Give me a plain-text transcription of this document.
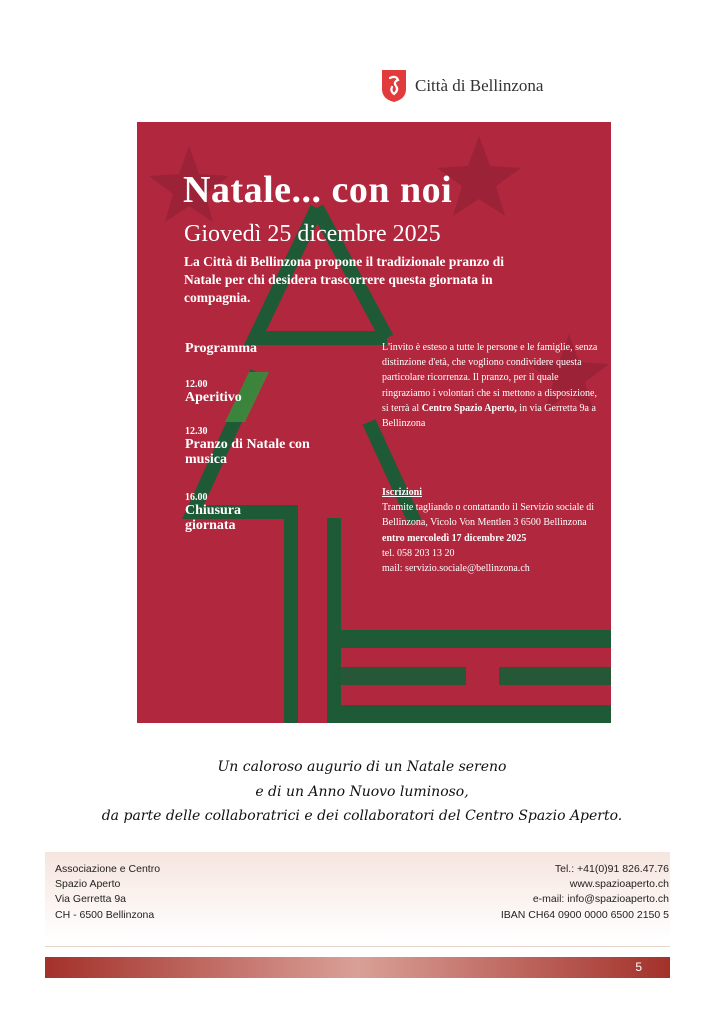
Città di Bellinzona
Natale... con noi
Giovedì 25 dicembre 2025
La Città di Bellinzona propone il tradizionale pranzo di Natale per chi desidera trascorrere questa giornata in compagnia.
Programma
12.00
Aperitivo
12.30
Pranzo di Natale con musica
16.00
Chiusura giornata
L'invito è esteso a tutte le persone e le famiglie, senza distinzione d'età, che vogliono condividere questa particolare ricorrenza. Il pranzo, per il quale ringraziamo i volontari che si mettono a disposizione, si terrà al Centro Spazio Aperto, in via Gerretta 9a a Bellinzona
Iscrizioni
Tramite tagliando o contattando il Servizio sociale di Bellinzona, Vicolo Von Mentlen 3 6500 Bellinzona entro mercoledì 17 dicembre 2025
tel. 058 203 13 20
mail: servizio.sociale@bellinzona.ch
Un caloroso augurio di un Natale sereno
e di un Anno Nuovo luminoso,
da parte delle collaboratrici e dei collaboratori del Centro Spazio Aperto.
Associazione e Centro
Spazio Aperto
Via Gerretta 9a
CH - 6500 Bellinzona
Tel.: +41(0)91 826.47.76
www.spazioaperto.ch
e-mail: info@spazioaperto.ch
IBAN CH64 0900 0000 6500 2150 5
5
